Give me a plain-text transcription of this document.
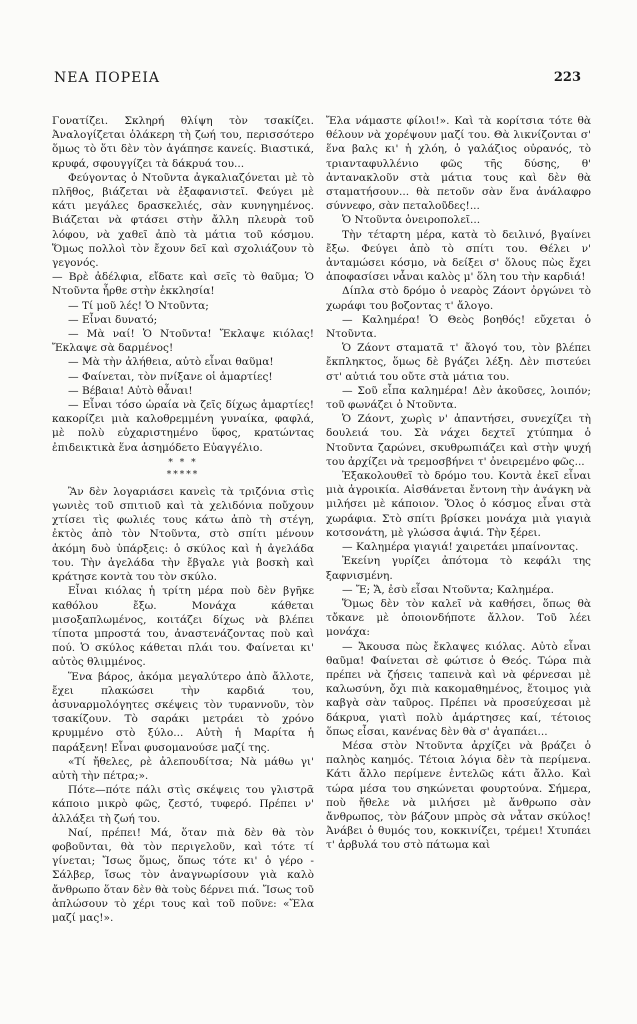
ΝΕΑ ΠΟΡΕΙΑ	223

Γονατίζει. Σκληρή θλίψη τὸν τσακίζει. Ἀναλογίζεται ὁλάκερη τὴ ζωή του, περισσότερο ὅμως τὸ ὅτι δὲν τὸν ἀγάπησε κανείς. Βιαστικά, κρυφά, σφουγγίζει τὰ δάκρυά του...

Φεύγοντας ὁ Ντοῦντα ἀγκαλιαζόνεται μὲ τὸ πλῆθος, βιάζεται νὰ ἐξαφανιστεῖ. Φεύγει μὲ κάτι μεγάλες δρασκελιές, σὰν κυνηγημένος. Βιάζεται νὰ φτάσει στὴν ἄλλη πλευρὰ τοῦ λόφου, νὰ χαθεῖ ἀπὸ τὰ μάτια τοῦ κόσμου. Ὅμως πολλοὶ τὸν ἔχουν δεῖ καὶ σχολιάζουν τὸ γεγονός.

— Βρὲ ἀδέλφια, εἴδατε καὶ σεῖς τὸ θαῦμα; Ὁ Ντοῦντα ἦρθε στὴν ἐκκλησία!

— Τί μοῦ λές! Ὁ Ντοῦντα;

— Εἶναι δυνατό;

— Μὰ ναί! Ὁ Ντοῦντα! Ἔκλαψε κιόλας! Ἔκλαψε σὰ δαρμένος!

— Μὰ τὴν ἀλήθεια, αὐτὸ εἶναι θαῦμα!

— Φαίνεται, τὸν πνίξανε οἱ ἁμαρτίες!

— Βέβαια! Αὐτὸ θἆναι!

— Εἶναι τόσο ὡραία νὰ ζεῖς δίχως ἁμαρτίες! κακορίζει μιὰ καλοθρεμμένη γυναίκα, φαφλά, μὲ πολὺ εὐχαριστημένο ὕφος, κρατώντας ἐπιδεικτικὰ ἕνα ἀσημόδετο Εὐαγγέλιο.

* * *
*****

Ἂν δὲν λογαριάσει κανεὶς τὰ τριζόνια στὶς γωνιὲς τοῦ σπιτιοῦ καὶ τὰ χελιδόνια ποὔχουν χτίσει τὶς φωλιές τους κάτω ἀπὸ τὴ στέγη, ἐκτὸς ἀπὸ τὸν Ντοῦντα, στὸ σπίτι μένουν ἀκόμη δυὸ ὑπάρξεις: ὁ σκύλος καὶ ἡ ἀγελάδα του. Τὴν ἀγελάδα τὴν ἔβγαλε γιὰ βοσκὴ καὶ κράτησε κοντὰ του τὸν σκύλο.

Εἶναι κιόλας ἡ τρίτη μέρα ποὺ δὲν βγῆκε καθόλου ἔξω. Μονάχα κάθεται μισοξαπλωμένος, κοιτάζει δίχως νὰ βλέπει τίποτα μπροστά του, ἀναστενάζοντας ποὺ καὶ πού. Ὁ σκύλος κάθεται πλάι του. Φαίνεται κι' αὐτὸς θλιμμένος.

Ἕνα βάρος, ἀκόμα μεγαλύτερο ἀπὸ ἄλλοτε, ἔχει πλακώσει τὴν καρδιά του, ἀσυναρμολόγητες σκέψεις τὸν τυραννοῦν, τὸν τσακίζουν. Τὸ σαράκι μετράει τὸ χρόνο κρυμμένο στὸ ξύλο... Αὐτὴ ἡ Μαρίτα ἡ παράξενη! Εἶναι φυσομανούσε μαζί της.

«Τί ἤθελες, ρὲ ἀλεπουδίτσα; Νὰ μάθω γι' αὐτὴ τὴν πέτρα;».

Πότε—πότε πάλι στὶς σκέψεις του γλιστρᾶ κάποιο μικρὸ φῶς, ζεστό, τυφερό. Πρέπει ν' ἀλλάξει τὴ ζωή του.

Ναί, πρέπει! Μά, ὅταν πιὰ δὲν θὰ τὸν φοβοῦνται, θὰ τὸν περιγελοῦν, καὶ τότε τί γίνεται; Ἴσως ὅμως, ὅπως τότε κι' ὁ γέρο - Σάλβερ, ἴσως τὸν ἀναγνωρίσουν γιὰ καλὸ ἄνθρωπο ὅταν δὲν θὰ τοὺς δέρνει πιά. Ἴσως τοῦ ἁπλώσουν τὸ χέρι τους καὶ τοῦ ποῦνε: «Ἔλα μαζί μας!».

Ἔλα νάμαστε φίλοι!». Καὶ τὰ κορίτσια τότε θὰ θέλουν νὰ χορέψουν μαζί του. Θὰ λικνίζονται σ' ἕνα βαλς κι' ἡ χλόη, ὁ γαλάζιος οὐρανός, τὸ τριανταφυλλένιο φῶς τῆς δύσης, θ' ἀντανακλοῦν στὰ μάτια τους καὶ δὲν θὰ σταματήσουν... θὰ πετοῦν σὰν ἕνα ἀνάλαφρο σύννεφο, σὰν πεταλοῦδες!...

Ὁ Ντοῦντα ὀνειροπολεῖ...

Τὴν τέταρτη μέρα, κατὰ τὸ δειλινό, βγαίνει ἔξω. Φεύγει ἀπὸ τὸ σπίτι του. Θέλει ν' ἀνταμώσει κόσμο, νὰ δείξει σ' ὅλους πὼς ἔχει ἀποφασίσει νἆναι καλὸς μ' ὅλη του τὴν καρδιά!

Δίπλα στὸ δρόμο ὁ νεαρὸς Ζάοντ ὀργώνει τὸ χωράφι του βοζοντας τ' ἄλογο.

— Καλημέρα! Ὁ Θεὸς βοηθός! εὔχεται ὁ Ντοῦντα.

Ὁ Ζάοντ σταματᾶ τ' ἄλογό του, τὸν βλέπει ἔκπληκτος, ὅμως δὲ βγάζει λέξη. Δὲν πιστεύει στ' αὐτιά του οὔτε στὰ μάτια του.

— Σοῦ εἶπα καλημέρα! Δὲν ἀκοῦσες, λοιπόν; τοῦ φωνάζει ὁ Ντοῦντα.

Ὁ Ζάοντ, χωρὶς ν' ἀπαντήσει, συνεχίζει τὴ δουλειά του. Σὰ νάχει δεχτεῖ χτύπημα ὁ Ντοῦντα ζαρώνει, σκυθρωπιάζει καὶ στὴν ψυχή του ἀρχίζει νὰ τρεμοσβήνει τ' ὀνειρεμένο φῶς...

Ἐξακολουθεῖ τὸ δρόμο του. Κοντὰ ἐκεῖ εἶναι μιὰ ἀγροικία. Αἰσθάνεται ἔντονη τὴν ἀνάγκη νὰ μιλήσει μὲ κάποιον. Ὅλος ὁ κόσμος εἶναι στὰ χωράφια. Στὸ σπίτι βρίσκει μονάχα μιὰ γιαγιὰ κοτσονάτη, μὲ γλώσσα ἀψιά. Τὴν ξέρει.

— Καλημέρα γιαγιά! χαιρετάει μπαίνοντας.

Ἐκείνη γυρίζει ἀπότομα τὸ κεφάλι της ξαφνισμένη.

— Ἔ; Ἄ, ἐσὺ εἶσαι Ντοῦντα; Καλημέρα.

Ὅμως δὲν τὸν καλεῖ νὰ καθήσει, ὅπως θὰ τὄκανε μὲ ὁποιονδήποτε ἄλλον. Τοῦ λέει μονάχα:

— Ἄκουσα πὼς ἔκλαψες κιόλας. Αὐτὸ εἶναι θαῦμα! Φαίνεται σὲ φώτισε ὁ Θεός. Τώρα πιὰ πρέπει νὰ ζήσεις ταπεινὰ καὶ νὰ φέρνεσαι μὲ καλωσύνη, ὄχι πιὰ κακομαθημένος, ἕτοιμος γιὰ καβγὰ σὰν ταῦρος. Πρέπει νὰ προσεύχεσαι μὲ δάκρυα, γιατὶ πολὺ ἁμάρτησες καί, τέτοιος ὅπως εἶσαι, κανένας δὲν θὰ σ' ἀγαπάει...

Μέσα στὸν Ντοῦντα ἀρχίζει νὰ βράζει ὁ παληὸς καημός. Τέτοια λόγια δὲν τὰ περίμενα. Κάτι ἄλλο περίμενε ἐντελῶς κάτι ἄλλο. Καὶ τώρα μέσα του σηκώνεται φουρτούνα. Σήμερα, ποὺ ἤθελε νὰ μιλήσει μὲ ἄνθρωπο σὰν ἄνθρωπος, τὸν βάζουν μπρὸς σὰ νἆταν σκύλος! Ἀνάβει ὁ θυμός του, κοκκινίζει, τρέμει! Χτυπάει τ' ἀρβυλά του στὸ πάτωμα καὶ
